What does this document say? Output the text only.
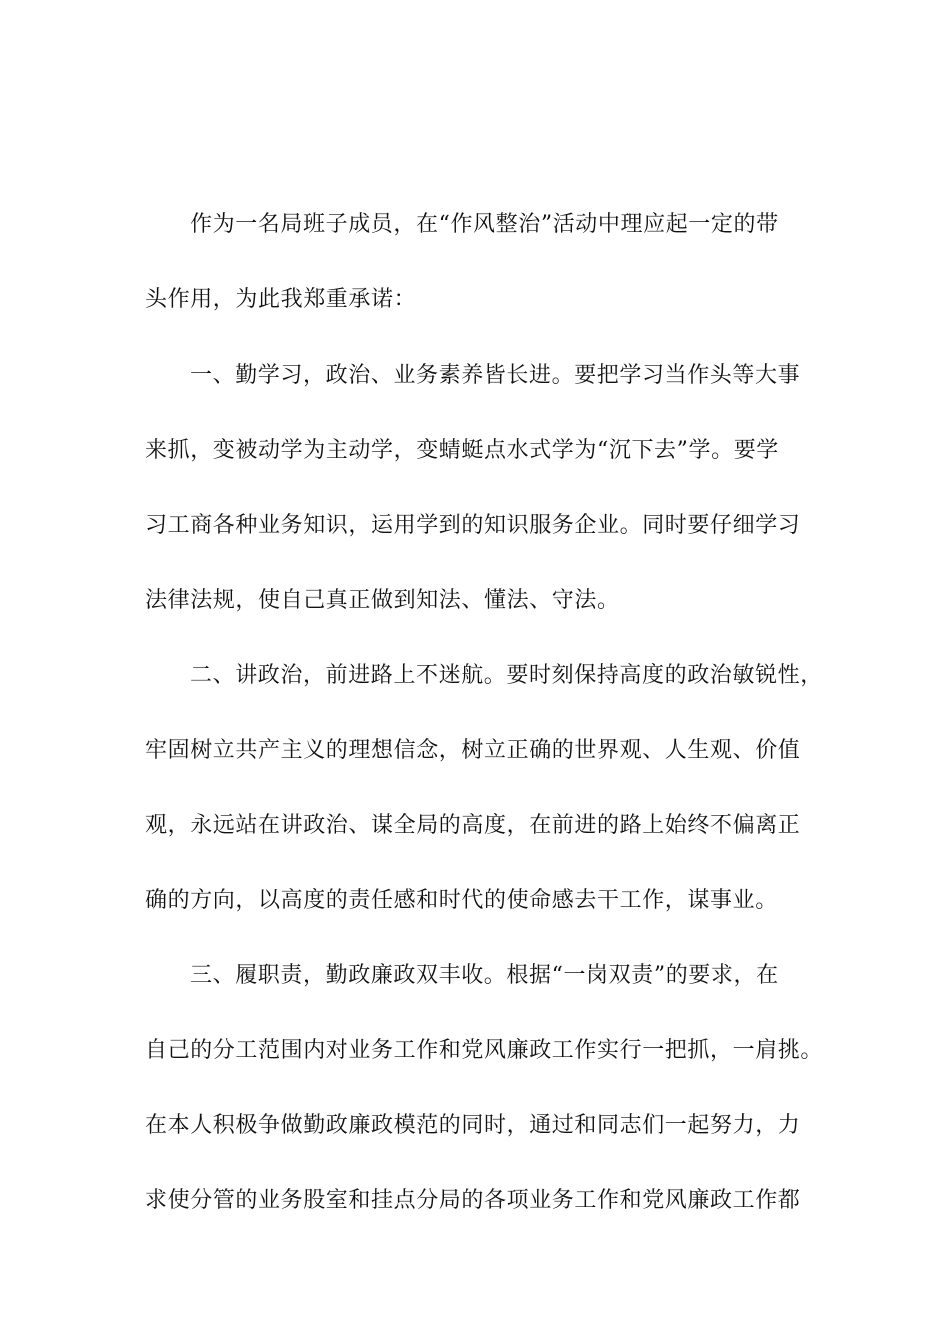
作为一名局班子成员，在“作风整治”活动中理应起一定的带
头作用，为此我郑重承诺：
一、勤学习，政治、业务素养皆长进。要把学习当作头等大事
来抓，变被动学为主动学，变蜻蜓点水式学为“沉下去”学。要学
习工商各种业务知识，运用学到的知识服务企业。同时要仔细学习
法律法规，使自己真正做到知法、懂法、守法。
二、讲政治，前进路上不迷航。要时刻保持高度的政治敏锐性，
牢固树立共产主义的理想信念，树立正确的世界观、人生观、价值
观，永远站在讲政治、谋全局的高度，在前进的路上始终不偏离正
确的方向，以高度的责任感和时代的使命感去干工作，谋事业。
三、履职责，勤政廉政双丰收。根据“一岗双责”的要求，在
自己的分工范围内对业务工作和党风廉政工作实行一把抓，一肩挑。
在本人积极争做勤政廉政模范的同时，通过和同志们一起努力，力
求使分管的业务股室和挂点分局的各项业务工作和党风廉政工作都
